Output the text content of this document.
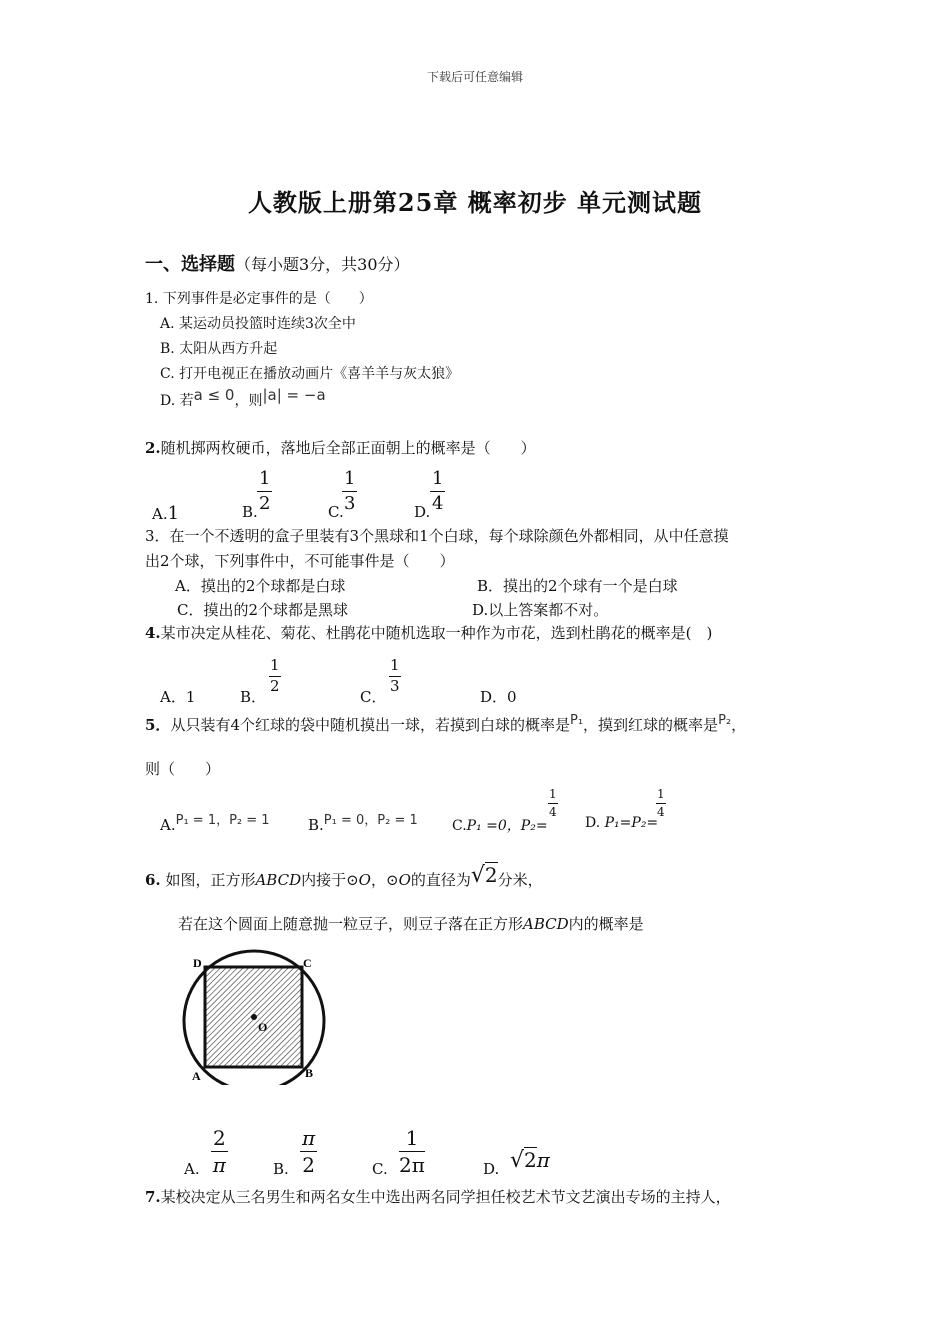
下载后可任意编辑
人教版上册第25章 概率初步 单元测试题
一、选择题（每小题3分，共30分）
1. 下列事件是必定事件的是（　　）
A. 某运动员投篮时连续3次全中
B. 太阳从西方升起
C. 打开电视正在播放动画片《喜羊羊与灰太狼》
D. 若a ≤ 0，则|a| = −a
2.随机掷两枚硬币，落地后全部正面朝上的概率是（　　）
A.1	B. $\frac{1}{2}$	C.
$\frac{1}{3}$	D. $\frac{1}{4}$
3．在一个不透明的盒子里装有3个黑球和1个白球，每个球除颜色外都相同，从中任意摸
出2个球，下列事件中，不可能事件是（　　）
A．摸出的2个球都是白球	B．摸出的2个球有一个是白球
C．摸出的2个球都是黑球	D.以上答案都不对。
4.某市决定从桂花、菊花、杜鹃花中随机选取一种作为市花，选到杜鹃花的概率是(　)
A．1	B．
$\frac{1}{2}$
C．
$\frac{1}{3}$
D．0
5．从只装有4个红球的袋中随机摸出一球，若摸到白球的概率是P₁，摸到红球的概率是P₂，
则（　　）
A.P₁ = 1，P₂ = 1	B.P₁ = 0，P₂ = 1 C.P₁ =0，P₂=
$\frac{1}{4}$
D. P₁=P₂=
$\frac{1}{4}$
6. 如图，正方形ABCD内接于⊙O，⊙O的直径为√2分米，
若在这个圆面上随意抛一粒豆子，则豆子落在正方形ABCD内的概率是
D	C
A	B
O
A. $\frac{2}{\pi}$	B. $\frac{\pi}{2}$	C. $\frac{1}{2\pi}$	D. √2π
7.某校决定从三名男生和两名女生中选出两名同学担任校艺术节文艺演出专场的主持人，
